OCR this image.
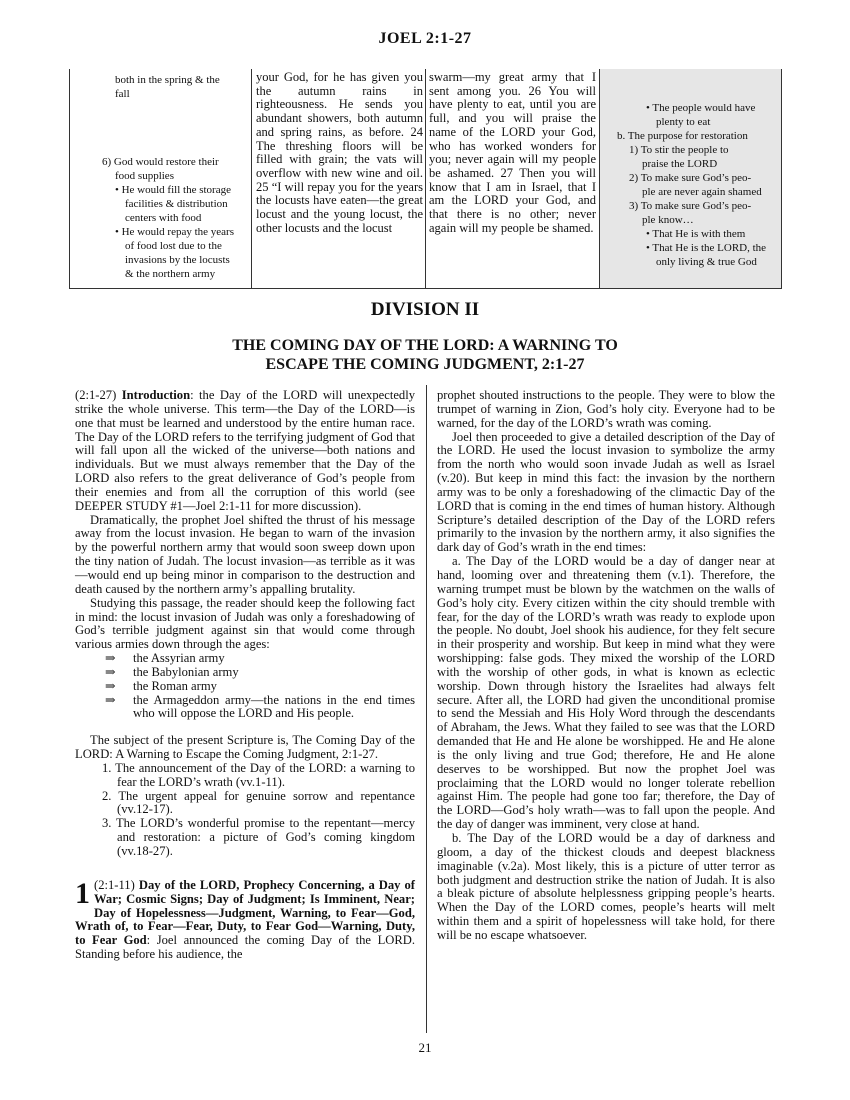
JOEL 2:1-27
both in the spring & the
fall
6) God would restore their
food supplies
• He would fill the storage
facilities & distribution
centers with food
• He would repay the years
of food lost due to the
invasions by the locusts
& the northern army
your God, for he has given you the autumn rains in righteousness. He sends you abundant showers, both autumn and spring rains, as before. 24 The threshing floors will be filled with grain; the vats will overflow with new wine and oil. 25 “I will repay you for the years the locusts have eaten—the great locust and the young locust, the other locusts and the locust
swarm—my great army that I sent among you. 26 You will have plenty to eat, until you are full, and you will praise the name of the LORD your God, who has worked wonders for you; never again will my people be ashamed. 27 Then you will know that I am in Israel, that I am the LORD your God, and that there is no other; never again will my people be shamed.
• The people would have
plenty to eat
b. The purpose for restoration
1) To stir the people to
praise the LORD
2) To make sure God’s peo-
ple are never again shamed
3) To make sure God’s peo-
ple know…
• That He is with them
• That He is the LORD, the
only living & true God
DIVISION II
THE COMING DAY OF THE LORD: A WARNING TO
ESCAPE THE COMING JUDGMENT, 2:1-27

(2:1-27) Introduction: the Day of the LORD will unexpectedly strike the whole universe. This term—the Day of the LORD—is one that must be learned and understood by the entire human race. The Day of the LORD refers to the terrifying judgment of God that will fall upon all the wicked of the universe—both nations and individuals. But we must always remember that the Day of the LORD also refers to the great deliverance of God’s people from their enemies and from all the corruption of this world (see DEEPER STUDY #1—Joel 2:1-11 for more discussion).

Dramatically, the prophet Joel shifted the thrust of his message away from the locust invasion. He began to warn of the invasion by the powerful northern army that would soon sweep down upon the tiny nation of Judah. The locust invasion—as terrible as it was—would end up being minor in comparison to the destruction and death caused by the northern army’s appalling brutality.

Studying this passage, the reader should keep the following fact in mind: the locust invasion of Judah was only a foreshadowing of God’s terrible judgment against sin that would come through various armies down through the ages:

⇒ the Assyrian army
⇒ the Babylonian army
⇒ the Roman army
⇒	the Armageddon army—the nations in the end times who will oppose the LORD and His people.

The subject of the present Scripture is, The Coming Day of the LORD: A Warning to Escape the Coming Judgment, 2:1-27.

1. The announcement of the Day of the LORD: a warning to fear the LORD’s wrath (vv.1-11).

2. The urgent appeal for genuine sorrow and repentance (vv.12-17).

3. The LORD’s wonderful promise to the repentant—mercy and restoration: a picture of God’s coming kingdom (vv.18-27).

1 (2:1-11) Day of the LORD, Prophecy Concerning, a Day of War; Cosmic Signs; Day of Judgment; Is Imminent, Near; Day of Hopelessness—Judgment, Warning, to Fear—God, Wrath of, to Fear—Fear, Duty, to Fear God—Warning, Duty, to Fear God: Joel announced the coming Day of the LORD. Standing before his audience, the

prophet shouted instructions to the people. They were to blow the trumpet of warning in Zion, God’s holy city. Everyone had to be warned, for the day of the LORD’s wrath was coming.

Joel then proceeded to give a detailed description of the Day of the LORD. He used the locust invasion to symbolize the army from the north who would soon invade Judah as well as Israel (v.20). But keep in mind this fact: the invasion by the northern army was to be only a foreshadowing of the climactic Day of the LORD that is coming in the end times of human history. Although Scripture’s detailed description of the Day of the LORD refers primarily to the invasion by the northern army, it also signifies the dark day of God’s wrath in the end times:

a. The Day of the LORD would be a day of danger near at hand, looming over and threatening them (v.1). Therefore, the warning trumpet must be blown by the watchmen on the walls of God’s holy city. Every citizen within the city should tremble with fear, for the day of the LORD’s wrath was ready to explode upon the people. No doubt, Joel shook his audience, for they felt secure in their prosperity and worship. But keep in mind what they were worshipping: false gods. They mixed the worship of the LORD with the worship of other gods, in what is known as eclectic worship. Down through history the Israelites had always felt secure. After all, the LORD had given the unconditional promise to send the Messiah and His Holy Word through the descendants of Abraham, the Jews. What they failed to see was that the LORD demanded that He and He alone be worshipped. He and He alone is the only living and true God; therefore, He and He alone deserves to be worshipped. But now the prophet Joel was proclaiming that the LORD would no longer tolerate rebellion against Him. The people had gone too far; therefore, the Day of the LORD—God’s holy wrath—was to fall upon the people. And the day of danger was imminent, very close at hand.

b. The Day of the LORD would be a day of darkness and gloom, a day of the thickest clouds and deepest blackness imaginable (v.2a). Most likely, this is a picture of utter terror as both judgment and destruction strike the nation of Judah. It is also a bleak picture of absolute helplessness gripping people’s hearts. When the Day of the LORD comes, people’s hearts will melt within them and a spirit of hopelessness will take hold, for there will be no escape whatsoever.

21
